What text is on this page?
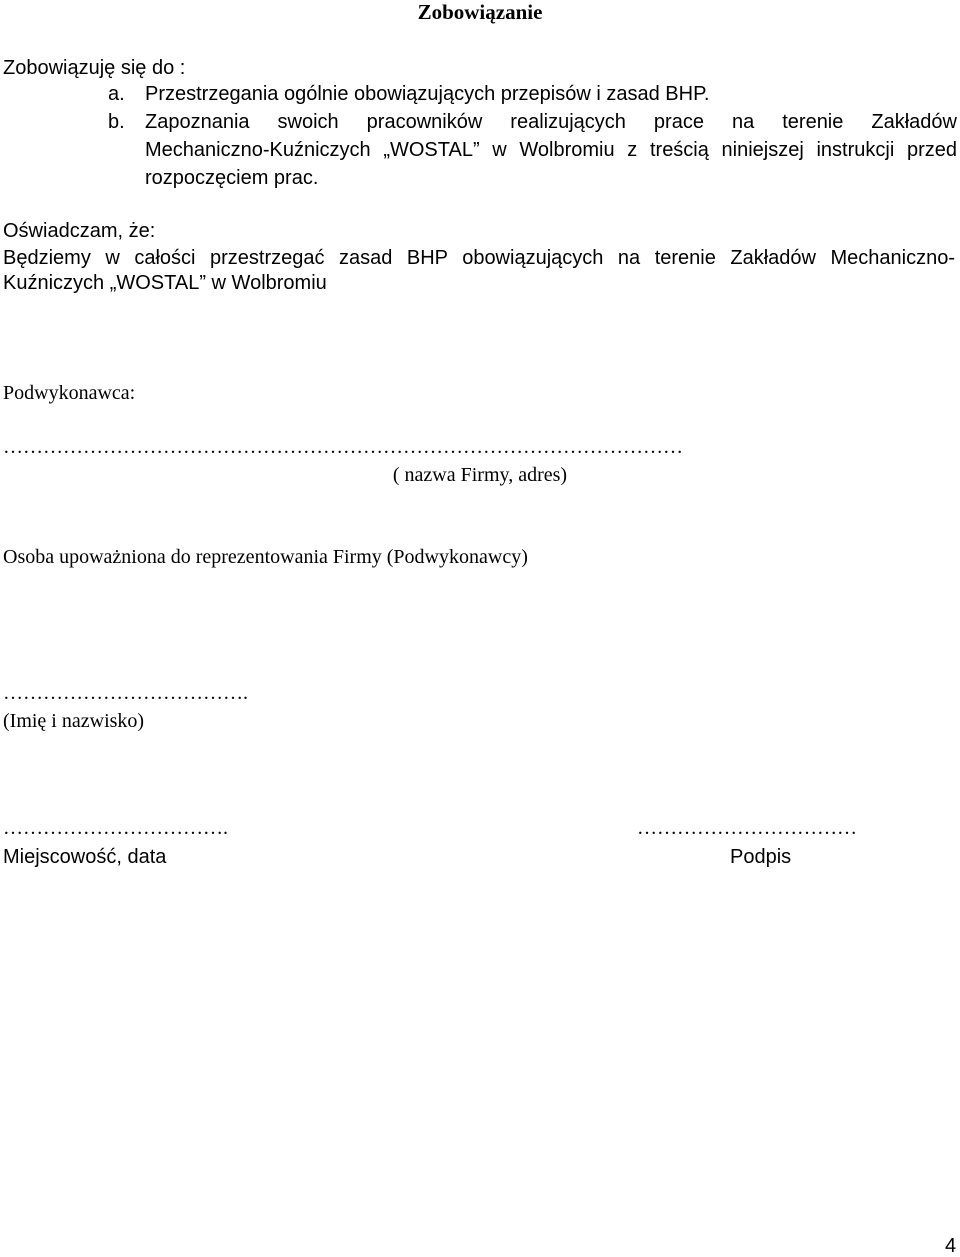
Zobowiązanie
Zobowiązuję się do :
a. Przestrzegania ogólnie obowiązujących przepisów i zasad BHP.
b. Zapoznania swoich pracowników realizujących prace na terenie Zakładów
Mechaniczno-Kuźniczych „WOSTAL” w Wolbromiu z treścią niniejszej instrukcji przed
rozpoczęciem prac.
Oświadczam, że:
Będziemy w całości przestrzegać zasad BHP obowiązujących na terenie Zakładów Mechaniczno-
Kuźniczych „WOSTAL” w Wolbromiu
Podwykonawca:
…………………………………………………………………………………………
( nazwa Firmy, adres)
Osoba upoważniona do reprezentowania Firmy (Podwykonawcy)
……………………………….
(Imię i nazwisko)
…………………………….
Miejscowość, data
……………………………
Podpis
4
